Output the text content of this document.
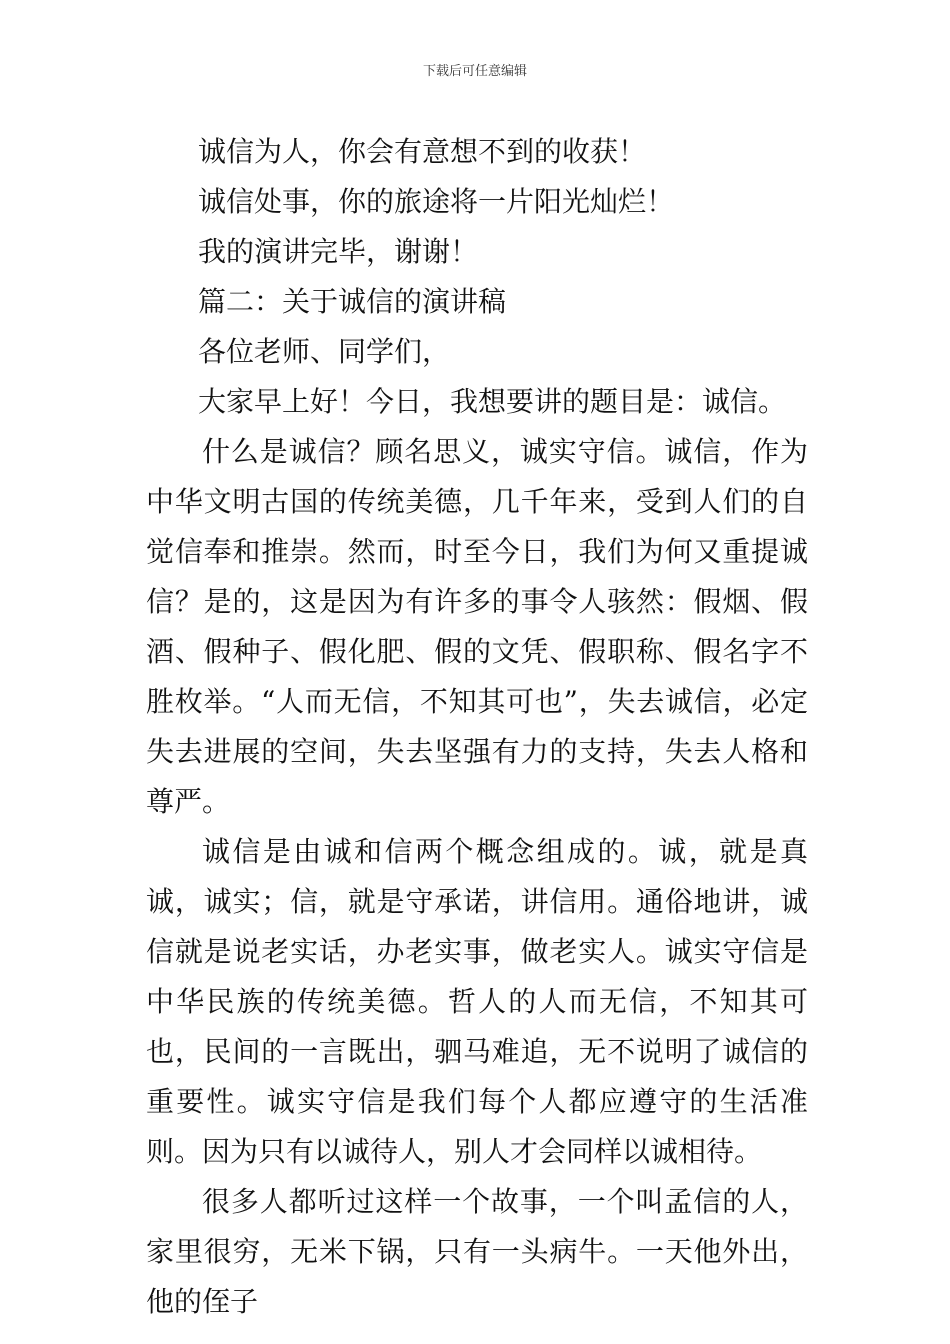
下载后可任意编辑
诚信为人，你会有意想不到的收获！
诚信处事，你的旅途将一片阳光灿烂！
我的演讲完毕，谢谢！
篇二：关于诚信的演讲稿
各位老师、同学们，
大家早上好！今日，我想要讲的题目是：诚信。

什么是诚信？顾名思义，诚实守信。诚信，作为中华文明古国的传统美德，几千年来，受到人们的自觉信奉和推崇。然而，时至今日，我们为何又重提诚信？是的，这是因为有许多的事令人骇然：假烟、假酒、假种子、假化肥、假的文凭、假职称、假名字不胜枚举。“人而无信，不知其可也”，失去诚信，必定失去进展的空间，失去坚强有力的支持，失去人格和尊严。

诚信是由诚和信两个概念组成的。诚，就是真诚，诚实；信，就是守承诺，讲信用。通俗地讲，诚信就是说老实话，办老实事，做老实人。诚实守信是中华民族的传统美德。哲人的人而无信，不知其可也，民间的一言既出，驷马难追，无不说明了诚信的重要性。诚实守信是我们每个人都应遵守的生活准则。因为只有以诚待人，别人才会同样以诚相待。

很多人都听过这样一个故事，一个叫孟信的人，家里很穷，无米下锅，只有一头病牛。一天他外出，他的侄子
